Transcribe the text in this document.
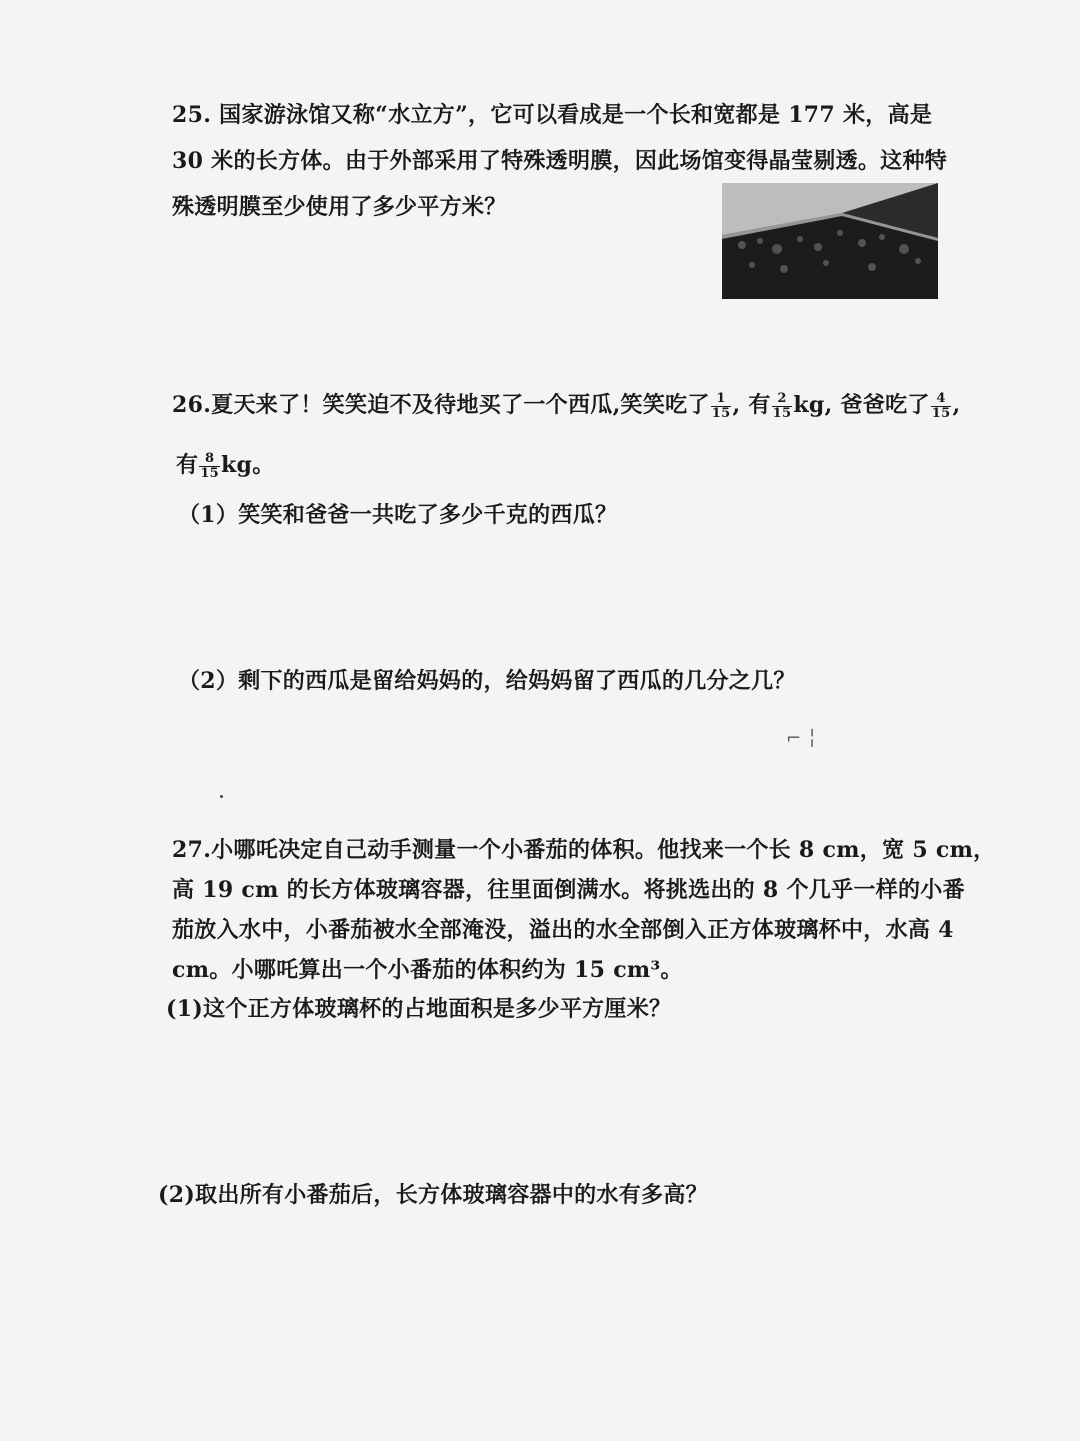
25. 国家游泳馆又称“水立方”，它可以看成是一个长和宽都是 177 米，高是
30 米的长方体。由于外部采用了特殊透明膜，因此场馆变得晶莹剔透。这种特
殊透明膜至少使用了多少平方米？
26.夏天来了！笑笑迫不及待地买了一个西瓜,笑笑吃了 $\frac{1}{15}$ , 有 $\frac{2}{15}$ kg, 爸爸吃了 $\frac{4}{15}$ ,
有 $\frac{8}{15}$ kg。
（1）笑笑和爸爸一共吃了多少千克的西瓜？
（2）剩下的西瓜是留给妈妈的，给妈妈留了西瓜的几分之几？
⌐ ╎
27.小哪吒决定自己动手测量一个小番茄的体积。他找来一个长 8 cm，宽 5 cm，
高 19 cm 的长方体玻璃容器，往里面倒满水。将挑选出的 8 个几乎一样的小番
茄放入水中，小番茄被水全部淹没，溢出的水全部倒入正方体玻璃杯中，水高 4
cm。小哪吒算出一个小番茄的体积约为 15 cm³。
(1)这个正方体玻璃杯的占地面积是多少平方厘米？
(2)取出所有小番茄后，长方体玻璃容器中的水有多高？
